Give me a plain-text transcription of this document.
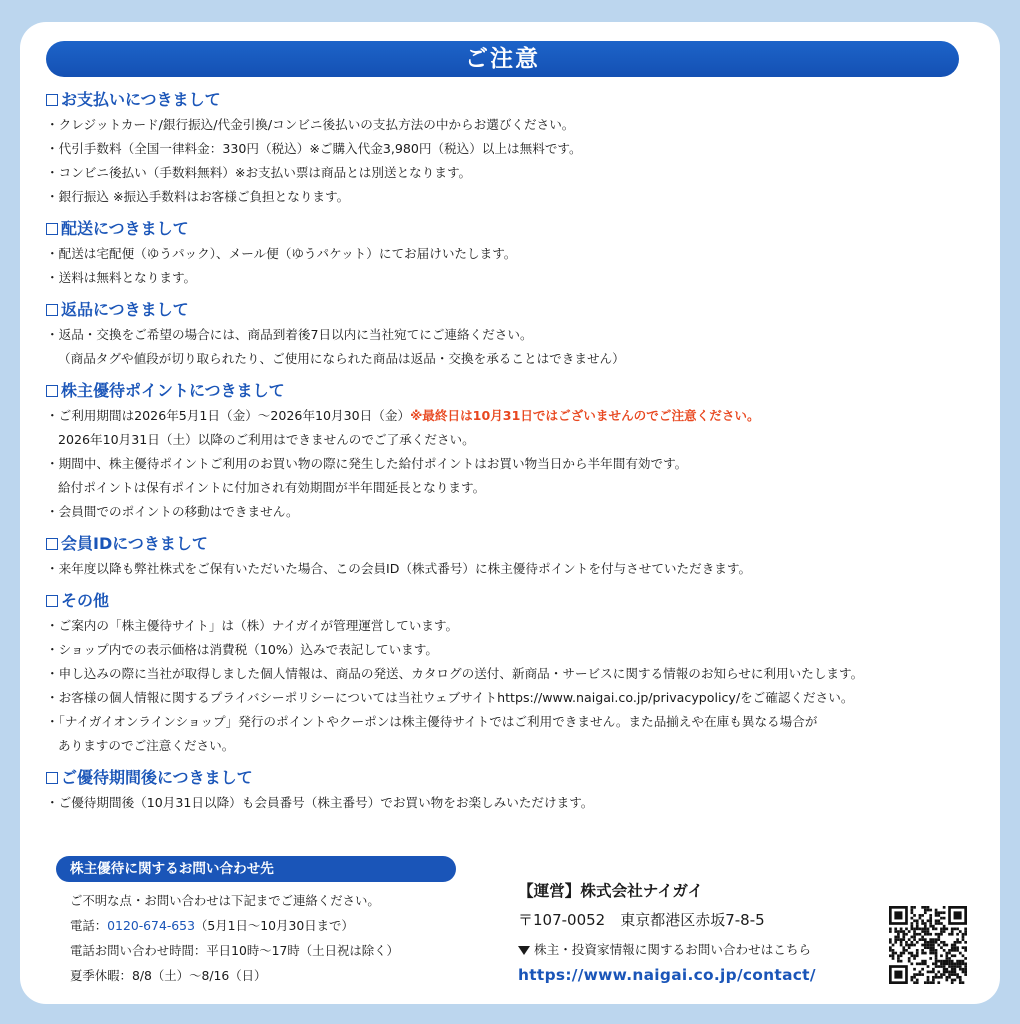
ご注意
お支払いにつきまして
・クレジットカード/銀行振込/代金引換/コンビニ後払いの支払方法の中からお選びください。
・代引手数料（全国一律料金：330円（税込）※ご購入代金3,980円（税込）以上は無料です。
・コンビニ後払い（手数料無料）※お支払い票は商品とは別送となります。
・銀行振込 ※振込手数料はお客様ご負担となります。
配送につきまして
・配送は宅配便（ゆうパック）、メール便（ゆうパケット）にてお届けいたします。
・送料は無料となります。
返品につきまして
・返品・交換をご希望の場合には、商品到着後7日以内に当社宛てにご連絡ください。
（商品タグや値段が切り取られたり、ご使用になられた商品は返品・交換を承ることはできません）
株主優待ポイントにつきまして
・ご利用期間は2026年5月1日（金）～2026年10月30日（金）※最終日は10月31日ではございませんのでご注意ください。
2026年10月31日（土）以降のご利用はできませんのでご了承ください。
・期間中、株主優待ポイントご利用のお買い物の際に発生した給付ポイントはお買い物当日から半年間有効です。
給付ポイントは保有ポイントに付加され有効期間が半年間延長となります。
・会員間でのポイントの移動はできません。
会員IDにつきまして
・来年度以降も弊社株式をご保有いただいた場合、この会員ID（株式番号）に株主優待ポイントを付与させていただきます。
その他
・ご案内の「株主優待サイト」は（株）ナイガイが管理運営しています。
・ショップ内での表示価格は消費税（10%）込みで表記しています。
・申し込みの際に当社が取得しました個人情報は、商品の発送、カタログの送付、新商品・サービスに関する情報のお知らせに利用いたします。
・お客様の個人情報に関するプライバシーポリシーについては当社ウェブサイトhttps://www.naigai.co.jp/privacypolicy/をご確認ください。
・「ナイガイオンラインショップ」発行のポイントやクーポンは株主優待サイトではご利用できません。また品揃えや在庫も異なる場合が
ありますのでご注意ください。
ご優待期間後につきまして
・ご優待期間後（10月31日以降）も会員番号（株主番号）でお買い物をお楽しみいただけます。
株主優待に関するお問い合わせ先
ご不明な点・お問い合わせは下記までご連絡ください。
電話：0120-674-653（5月1日～10月30日まで）
電話お問い合わせ時間：平日10時～17時（土日祝は除く）
夏季休暇：8/8（土）～8/16（日）
【運営】株式会社ナイガイ
〒107-0052　東京都港区赤坂7-8-5
株主・投資家情報に関するお問い合わせはこちら
https://www.naigai.co.jp/contact/
